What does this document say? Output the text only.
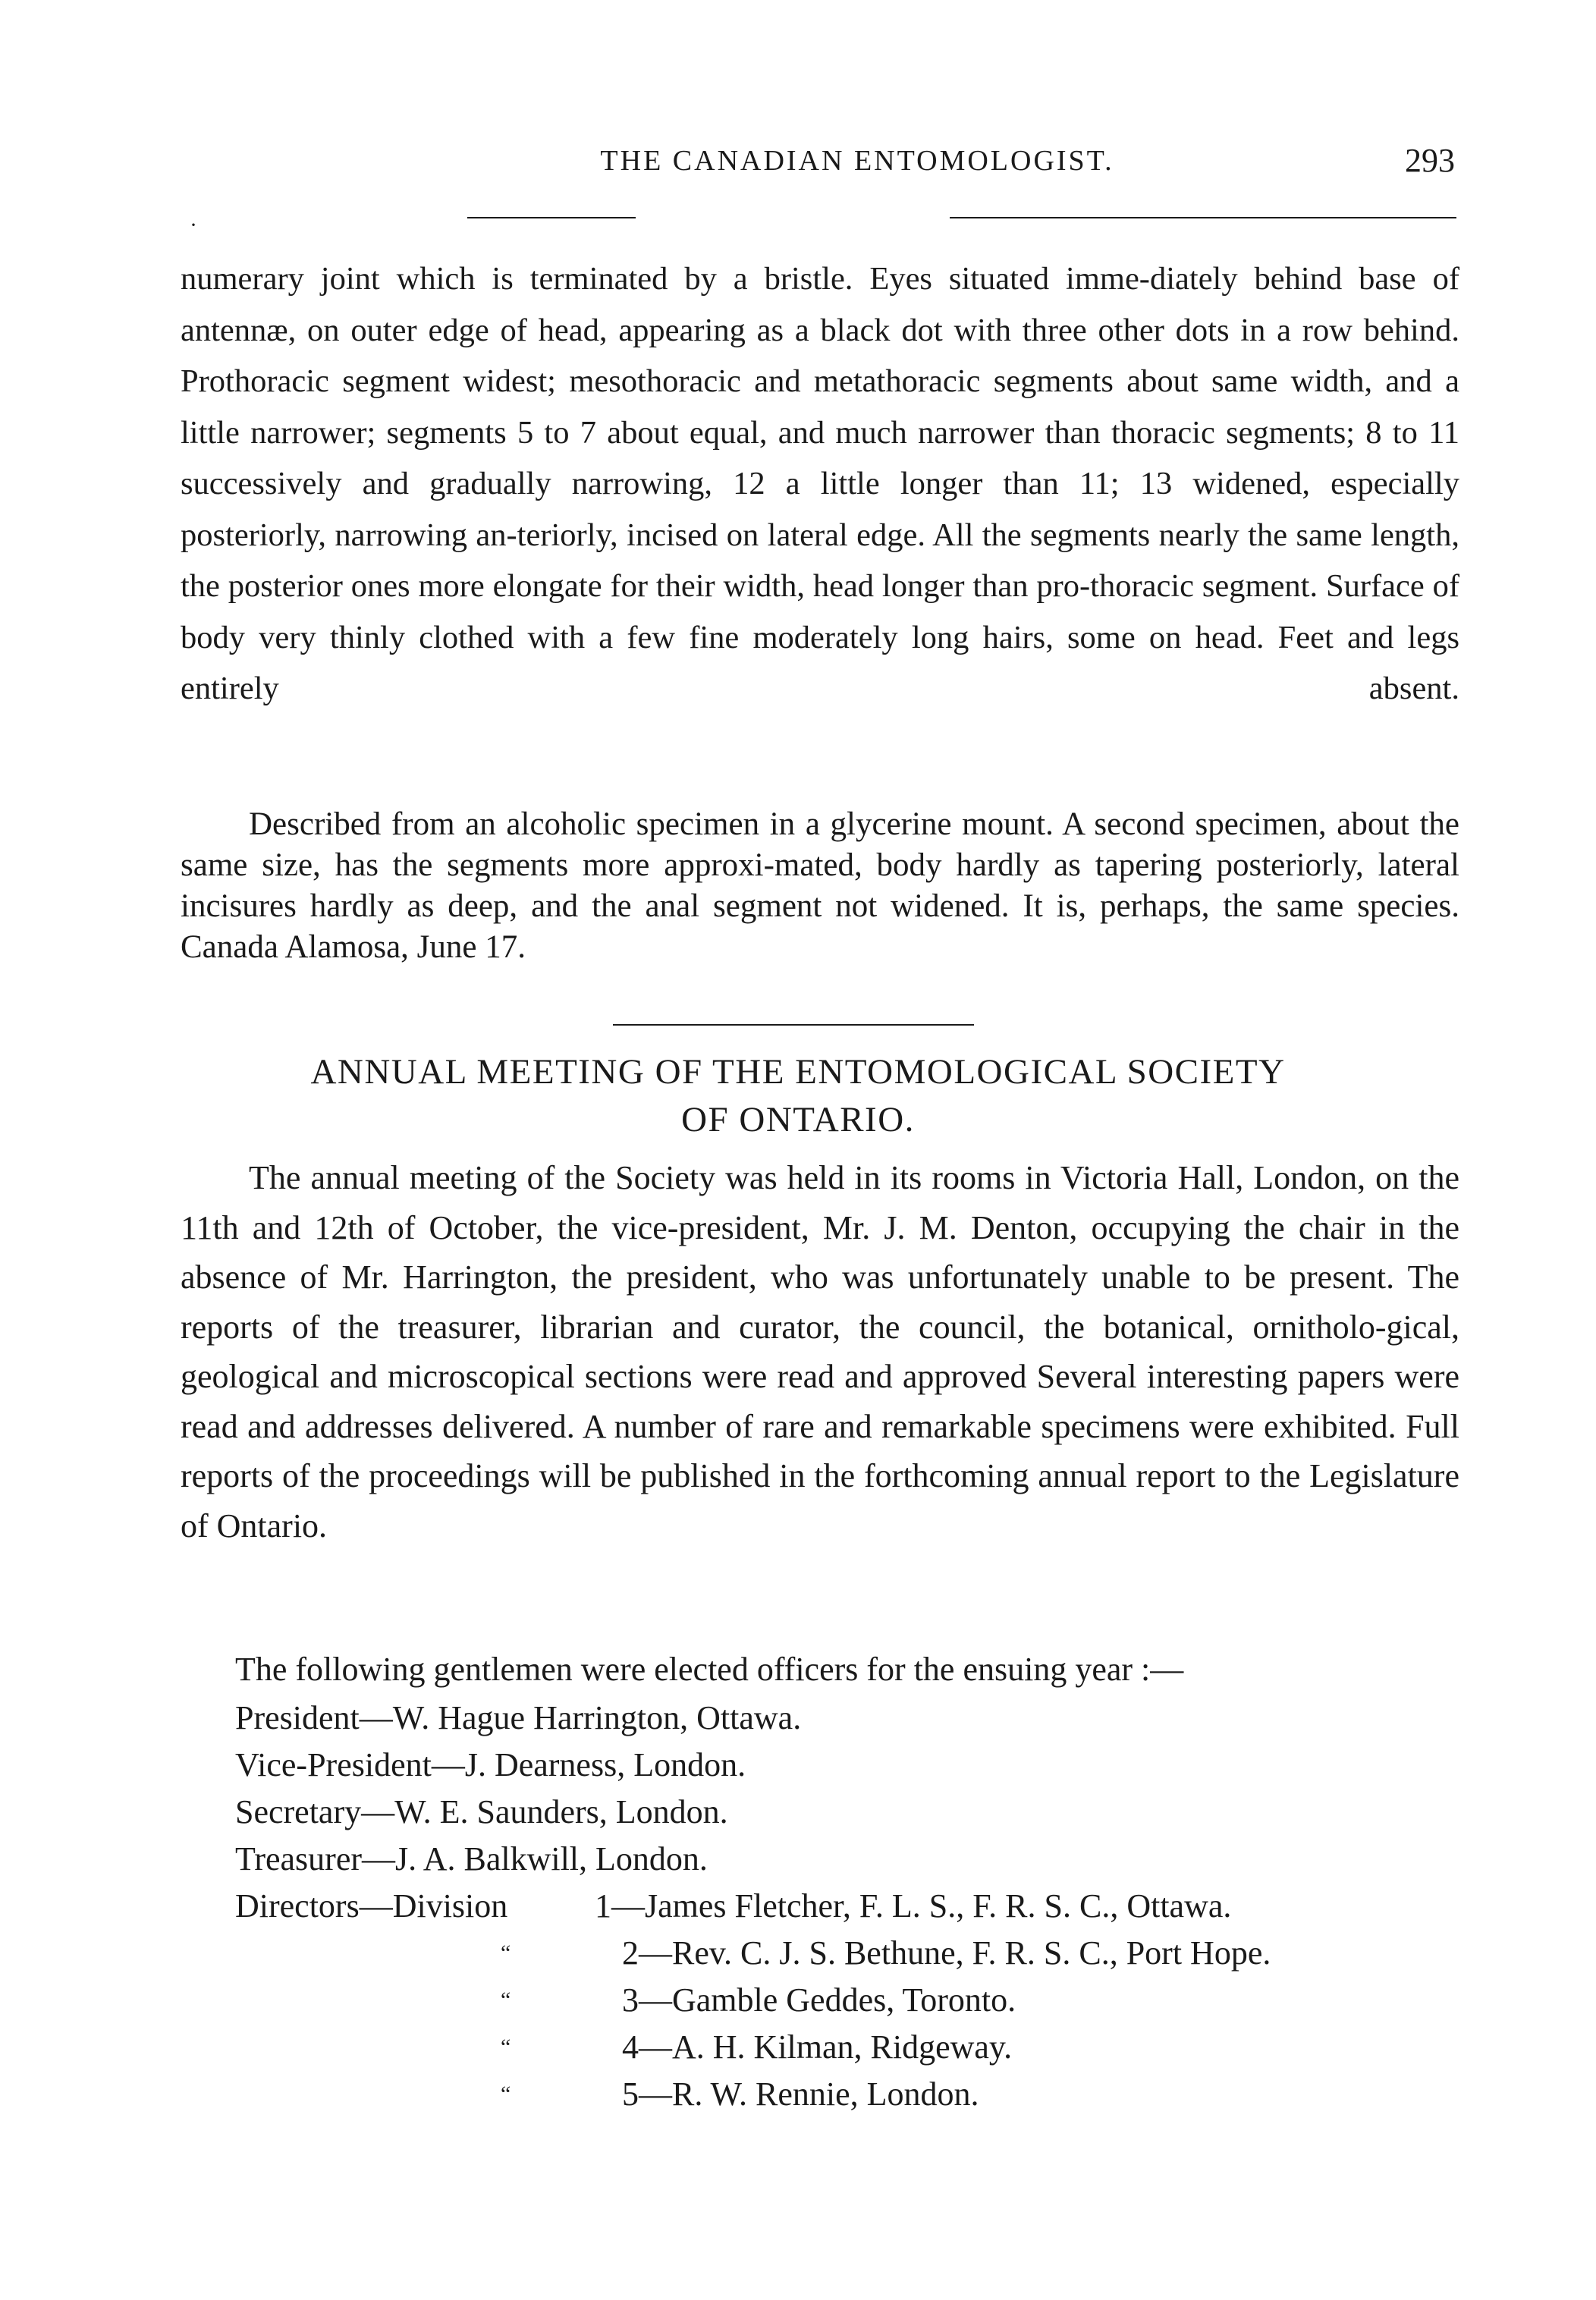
THE CANADIAN ENTOMOLOGIST.	293
·
numerary joint which is terminated by a bristle. Eyes situated imme-diately behind base of antennæ, on outer edge of head, appearing as a black dot with three other dots in a row behind. Prothoracic segment widest; mesothoracic and metathoracic segments about same width, and a little narrower; segments 5 to 7 about equal, and much narrower than thoracic segments; 8 to 11 successively and gradually narrowing, 12 a little longer than 11; 13 widened, especially posteriorly, narrowing an-teriorly, incised on lateral edge. All the segments nearly the same length, the posterior ones more elongate for their width, head longer than pro-thoracic segment. Surface of body very thinly clothed with a few fine moderately long hairs, some on head. Feet and legs entirely absent.
Described from an alcoholic specimen in a glycerine mount. A second specimen, about the same size, has the segments more approxi-mated, body hardly as tapering posteriorly, lateral incisures hardly as deep, and the anal segment not widened. It is, perhaps, the same species. Canada Alamosa, June 17.
ANNUAL MEETING OF THE ENTOMOLOGICAL SOCIETY
OF ONTARIO.
The annual meeting of the Society was held in its rooms in Victoria Hall, London, on the 11th and 12th of October, the vice-president, Mr. J. M. Denton, occupying the chair in the absence of Mr. Harrington, the president, who was unfortunately unable to be present. The reports of the treasurer, librarian and curator, the council, the botanical, ornitholo-gical, geological and microscopical sections were read and approved Several interesting papers were read and addresses delivered. A number of rare and remarkable specimens were exhibited. Full reports of the proceedings will be published in the forthcoming annual report to the Legislature of Ontario.
The following gentlemen were elected officers for the ensuing year :—
President—W. Hague Harrington, Ottawa.
Vice-President—J. Dearness, London.
Secretary—W. E. Saunders, London.
Treasurer—J. A. Balkwill, London.
Directors—Division	1—James Fletcher, F. L. S., F. R. S. C., Ottawa.
“	2—Rev. C. J. S. Bethune, F. R. S. C., Port Hope.
“	3—Gamble Geddes, Toronto.
“	4—A. H. Kilman, Ridgeway.
“	5—R. W. Rennie, London.
